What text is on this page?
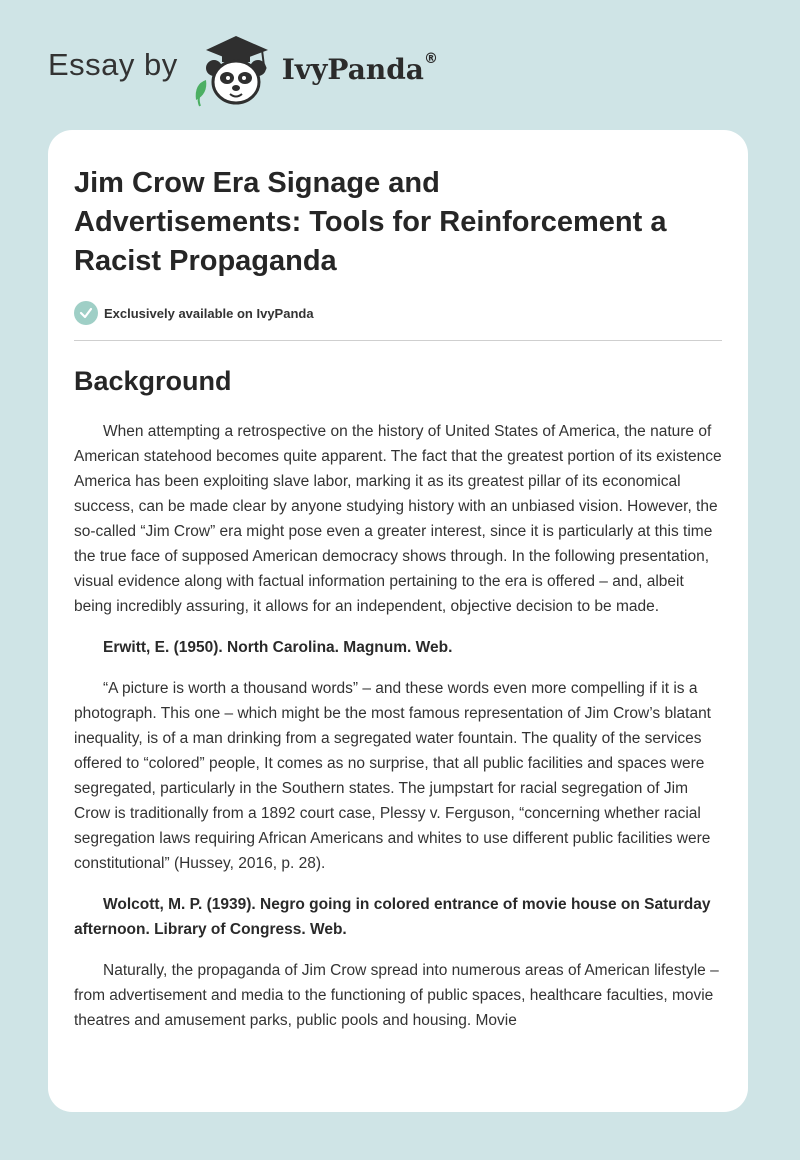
Essay by	IvyPanda®
Jim Crow Era Signage and Advertisements: Tools for Reinforcement a Racist Propaganda
Exclusively available on IvyPanda
Background

When attempting a retrospective on the history of United States of America, the nature of American statehood becomes quite apparent. The fact that the greatest portion of its existence America has been exploiting slave labor, marking it as its greatest pillar of its economical success, can be made clear by anyone studying history with an unbiased vision. However, the so-called “Jim Crow” era might pose even a greater interest, since it is particularly at this time the true face of supposed American democracy shows through. In the following presentation, visual evidence along with factual information pertaining to the era is offered – and, albeit being incredibly assuring, it allows for an independent, objective decision to be made.

Erwitt, E. (1950). North Carolina. Magnum. Web.

“A picture is worth a thousand words” – and these words even more compelling if it is a photograph. This one – which might be the most famous representation of Jim Crow’s blatant inequality, is of a man drinking from a segregated water fountain. The quality of the services offered to “colored” people, It comes as no surprise, that all public facilities and spaces were segregated, particularly in the Southern states. The jumpstart for racial segregation of Jim Crow is traditionally from a 1892 court case, Plessy v. Ferguson, “concerning whether racial segregation laws requiring African Americans and whites to use different public facilities were constitutional” (Hussey, 2016, p. 28).

Wolcott, M. P. (1939). Negro going in colored entrance of movie house on Saturday afternoon. Library of Congress. Web.

Naturally, the propaganda of Jim Crow spread into numerous areas of American lifestyle – from advertisement and media to the functioning of public spaces, healthcare faculties, movie theatres and amusement parks, public pools and housing. Movie
